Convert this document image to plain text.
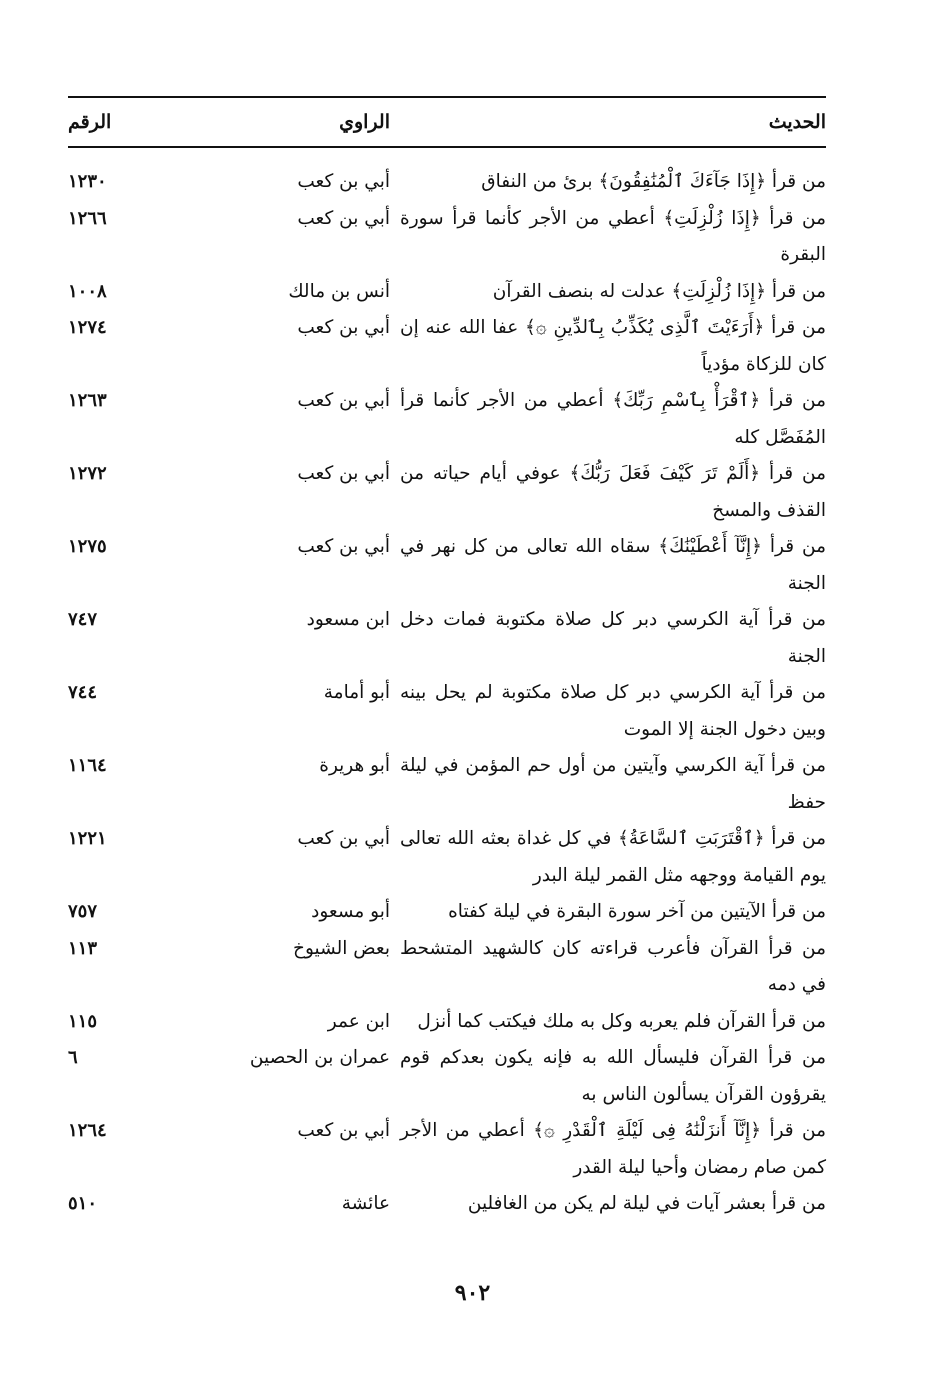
الحديث
الراوي
الرقم
من قرأ ﴿إِذَا جَآءَكَ ٱلْمُنَٰفِقُونَ﴾ برئ من النفاق
أبي بن كعب
١٢٣٠
من قرأ ﴿إِذَا زُلْزِلَتِ﴾ أعطي من الأجر كأنما قرأ سورة البقرة
أبي بن كعب
١٢٦٦
من قرأ ﴿إِذَا زُلْزِلَتِ﴾ عدلت له بنصف القرآن
أنس بن مالك
١٠٠٨
من قرأ ﴿أَرَءَيْتَ ٱلَّذِى يُكَذِّبُ بِٱلدِّينِ ۞﴾ عفا الله عنه إن كان للزكاة مؤدياً
أبي بن كعب
١٢٧٤
من قرأ ﴿ٱقْرَأْ بِٱسْمِ رَبِّكَ﴾ أعطي من الأجر كأنما قرأ المُفَصَّل كله
أبي بن كعب
١٢٦٣
من قرأ ﴿أَلَمْ تَرَ كَيْفَ فَعَلَ رَبُّكَ﴾ عوفي أيام حياته من القذف والمسخ
أبي بن كعب
١٢٧٢
من قرأ ﴿إِنَّآ أَعْطَيْنَٰكَ﴾ سقاه الله تعالى من كل نهر في الجنة
أبي بن كعب
١٢٧٥
من قرأ آية الكرسي دبر كل صلاة مكتوبة فمات دخل الجنة
ابن مسعود
٧٤٧
من قرأ آية الكرسي دبر كل صلاة مكتوبة لم يحل بينه وبين دخول الجنة إلا الموت
أبو أمامة
٧٤٤
من قرأ آية الكرسي وآيتين من أول حم المؤمن في ليلة حفظ
أبو هريرة
١١٦٤
من قرأ ﴿ٱقْتَرَبَتِ ٱلسَّاعَةُ﴾ في كل غداة بعثه الله تعالى يوم القيامة ووجهه مثل القمر ليلة البدر
أبي بن كعب
١٢٢١
من قرأ الآيتين من آخر سورة البقرة في ليلة كفتاه
أبو مسعود
٧٥٧
من قرأ القرآن فأعرب قراءته كان كالشهيد المتشحط في دمه
بعض الشيوخ
١١٣
من قرأ القرآن فلم يعربه وكل به ملك فيكتب كما أنزل
ابن عمر
١١٥
من قرأ القرآن فليسأل الله به فإنه يكون بعدكم قوم يقرؤون القرآن يسألون الناس به
عمران بن الحصين
٦
من قرأ ﴿إِنَّآ أَنزَلْنَٰهُ فِى لَيْلَةِ ٱلْقَدْرِ ۞﴾ أعطي من الأجر كمن صام رمضان وأحيا ليلة القدر
أبي بن كعب
١٢٦٤
من قرأ بعشر آيات في ليلة لم يكن من الغافلين
عائشة
٥١٠
٩٠٢
